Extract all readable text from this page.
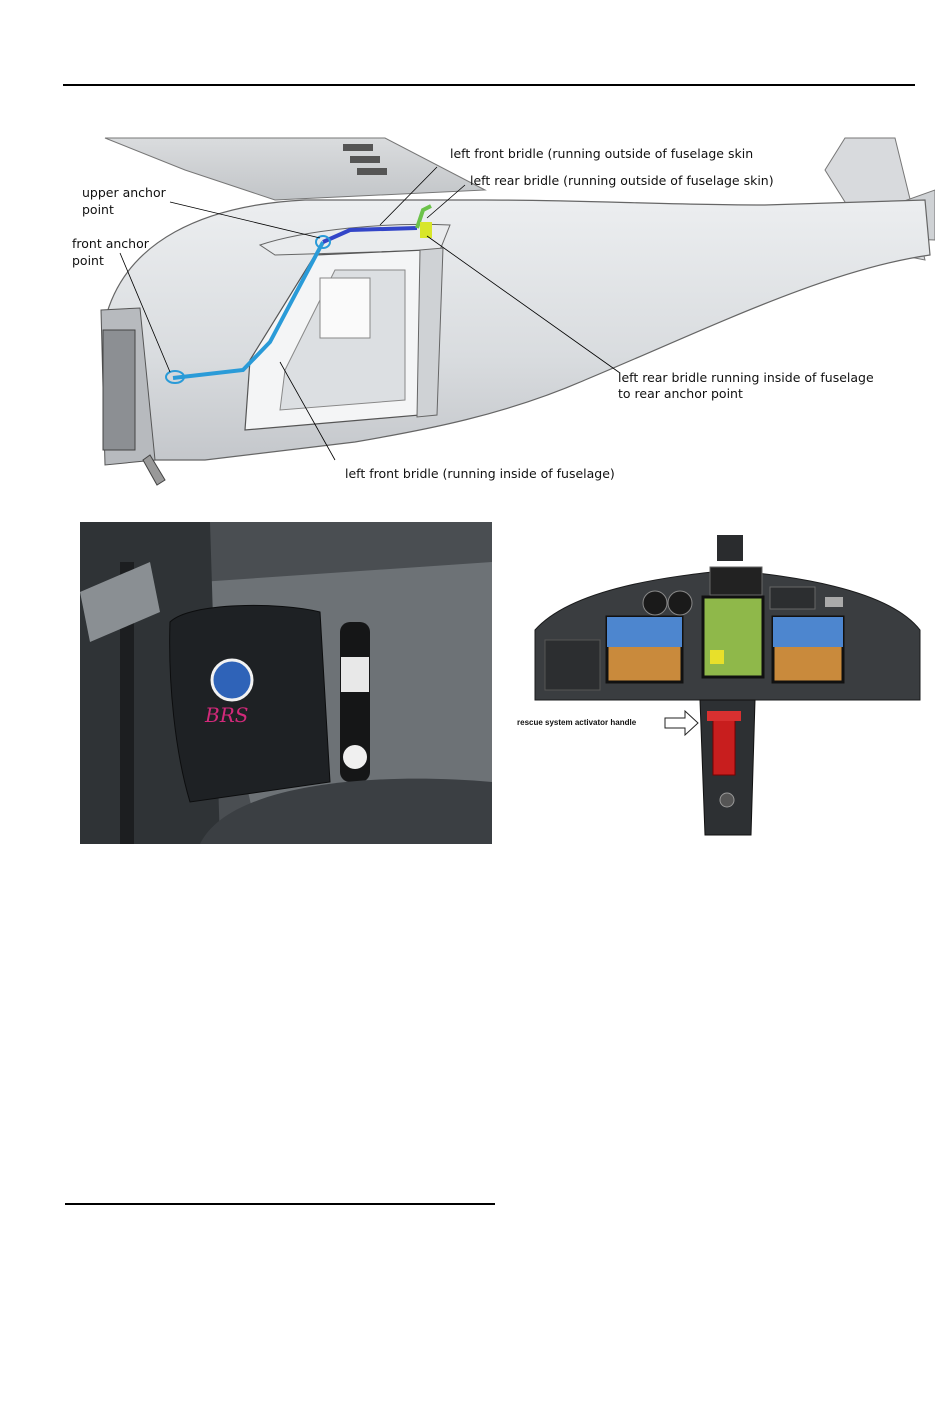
left front bridle (running outside of fuselage skin
left rear bridle (running outside of fuselage skin)
upper anchor
point
front anchor
point
left rear bridle running inside of fuselage
to rear anchor point
left front bridle (running inside of fuselage)
BRS	rescue system activator handle
